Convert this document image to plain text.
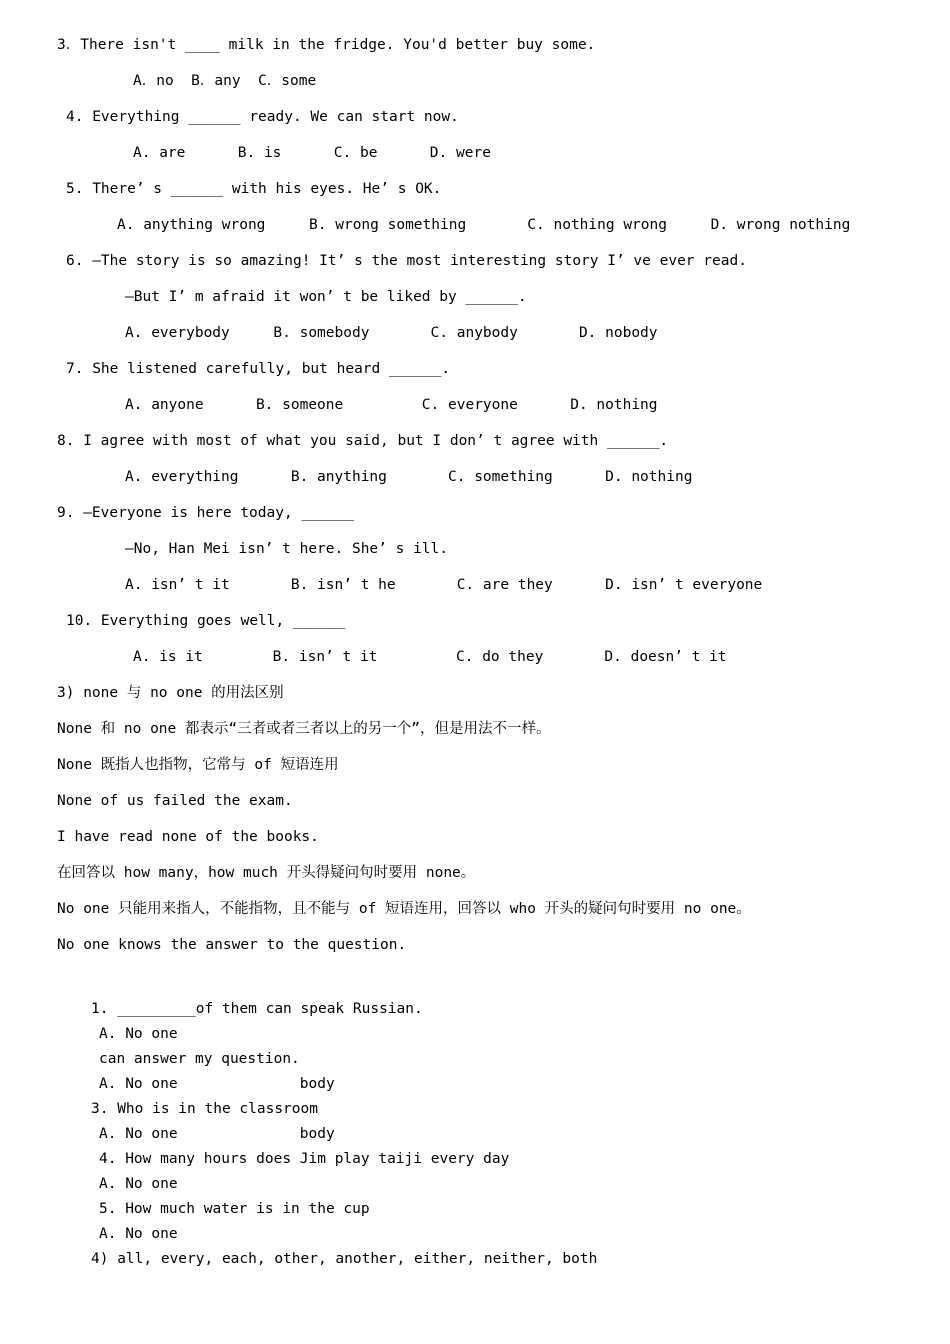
3．There isn't ____ milk in the fridge. You'd better buy some.
A．no  B．any  C．some
4. Everything ______ ready. We can start now.
A. are      B. is      C. be      D. were
5. There’ s ______ with his eyes. He’ s OK.
A. anything wrong     B. wrong something       C. nothing wrong     D. wrong nothing
6. —The story is so amazing! It’ s the most interesting story I’ ve ever read.
—But I’ m afraid it won’ t be liked by ______.
A. everybody     B. somebody       C. anybody       D. nobody
7. She listened carefully, but heard ______.
A. anyone      B. someone         C. everyone      D. nothing
8. I agree with most of what you said, but I don’ t agree with ______.
A. everything      B. anything       C. something      D. nothing
9. —Everyone is here today, ______
—No, Han Mei isn’ t here. She’ s ill.
A. isn’ t it       B. isn’ t he       C. are they      D. isn’ t everyone
10. Everything goes well, ______
A. is it        B. isn’ t it         C. do they       D. doesn’ t it
3) none 与 no one 的用法区别
None 和 no one 都表示“三者或者三者以上的另一个”，但是用法不一样。
None 既指人也指物，它常与 of 短语连用
None of us failed the exam.
I have read none of the books.
在回答以 how many，how much 开头得疑问句时要用 none。
No one 只能用来指人，不能指物，且不能与 of 短语连用，回答以 who 开头的疑问句时要用 no one。
No one knows the answer to the question.
1. _________of them can speak Russian.
A. No one
can answer my question.
A. No one              body
3. Who is in the classroom
A. No one              body
4. How many hours does Jim play taiji every day
A. No one
5. How much water is in the cup
A. No one
4) all, every, each, other, another, either, neither, both
